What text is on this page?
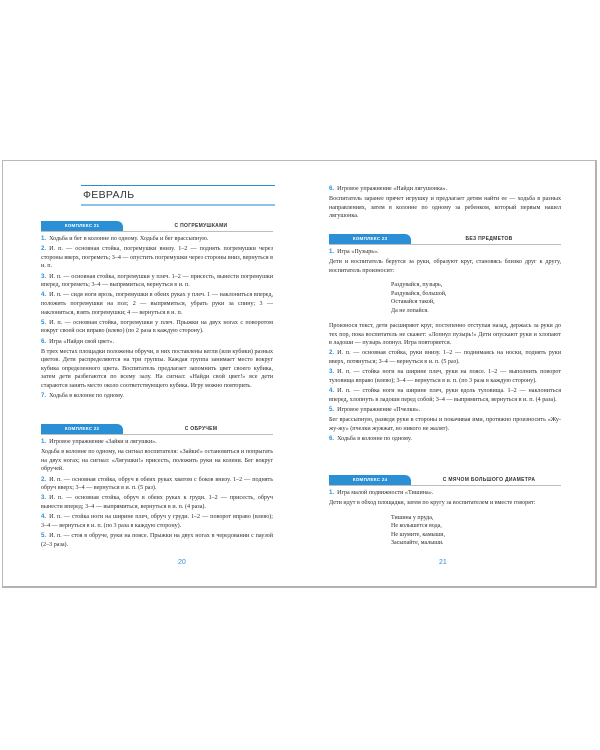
ФЕВРАЛЬ
КОМПЛЕКС 21	С ПОГРЕМУШКАМИ

1. Ходьба и бег в колонне по одному. Ходьба и бег врассыпную.

2. И. п. — основная стойка, погремушки внизу. 1–2 — поднять погремушки через стороны вверх, погреметь; 3–4 — опустить погремушки через стороны вниз, вернуться в и. п.

3. И. п. — основная стойка, погремушки у плеч. 1–2 — присесть, вынести погремушки вперед, погреметь; 3–4 — выпрямиться, вернуться в и. п.

4. И. п. — сидя ноги врозь, погремушки в обеих руках у плеч. 1 — наклониться вперед, положить погремушки на пол; 2 — выпрямиться, убрать руки за спину; 3 — наклониться, взять погремушки; 4 — вернуться в и. п.

5. И. п. — основная стойка, погремушки у плеч. Прыжки на двух ногах с поворотом вокруг своей оси вправо (влево) (по 2 раза в каждую сторону).

6. Игра «Найди свой цвет».

В трех местах площадки положены обручи, в них поставлены кегли (или кубики) разных цветов. Дети распределяются на три группы. Каждая группа занимает место вокруг кубика определенного цвета. Воспитатель предлагает запомнить цвет своего кубика, затем дети разбегаются по всему залу. На сигнал: «Найди свой цвет!» все дети стараются занять место около соответствующего кубика. Игру можно повторить.

7. Ходьба в колонне по одному.

КОМПЛЕКС 22	С ОБРУЧЕМ

1. Игровое упражнение «Зайки и лягушки».

Ходьба в колонне по одному, на сигнал воспитателя: «Зайки!» остановиться и попрыгать на двух ногах; на сигнал: «Лягушки!» присесть, положить руки на колени. Бег вокруг обручей.

2. И. п. — основная стойка, обруч в обеих руках хватом с боков внизу. 1–2 — поднять обруч вверх; 3–4 — вернуться в и. п. (5 раз).

3. И. п. — основная стойка, обруч в обеих руках к груди. 1–2 — присесть, обруч вынести вперед; 3–4 — выпрямиться, вернуться в и. п. (4 раза).

4. И. п. — стойка ноги на ширине плеч, обруч у груди. 1–2 — поворот вправо (влево); 3–4 — вернуться в и. п. (по 3 раза в каждую сторону).

5. И. п. — стоя в обруче, руки на поясе. Прыжки на двух ногах в чередовании с паузой (2–3 раза).

20

6. Игровое упражнение «Найди лягушонка».

Воспитатель заранее прячет игрушку и предлагает детям найти ее — ходьба в разных направлениях, затем в колонне по одному за ребенком, который первым нашел лягушонка.

КОМПЛЕКС 23	БЕЗ ПРЕДМЕТОВ

1. Игра «Пузырь».

Дети и воспитатель берутся за руки, образуют круг, становясь близко друг к другу, воспитатель произносит:

Раздувайся, пузырь,
Раздувайся, большой,
Оставайся такой,
Да не лопайся.

Произнося текст, дети расширяют круг, постепенно отступая назад, держась за руки до тех пор, пока воспитатель не скажет: «Лопнул пузырь!» Дети опускают руки и хлопают в ладоши — пузырь лопнул. Игра повторяется.

2. И. п. — основная стойка, руки внизу. 1–2 — поднимаясь на носки, поднять руки вверх, потянуться; 3–4 — вернуться в и. п. (5 раз).

3. И. п. — стойка ноги на ширине плеч, руки на поясе. 1–2 — выполнить поворот туловища вправо (влево); 3–4 — вернуться в и. п. (по 3 раза в каждую сторону).

4. И. п. — стойка ноги на ширине плеч, руки вдоль туловища. 1–2 — наклониться вперед, хлопнуть в ладоши перед собой; 3–4 — выпрямиться, вернуться в и. п. (4 раза).

5. Игровое упражнение «Пчелки».

Бег врассыпную, разведя руки в стороны и покачивая ими, протяжно произносить «Жу-жу-жу» (пчелки жужжат, но никого не жалят).

6. Ходьба в колонне по одному.

КОМПЛЕКС 24	С МЯЧОМ БОЛЬШОГО ДИАМЕТРА

1. Игра малой подвижности «Тишина».

Дети идут в обход площадки, затем по кругу за воспитателем и вместе говорят:

Тишина у пруда,
Не колышется вода,
Не шумите, камыши,
Засыпайте, малыши.
21
